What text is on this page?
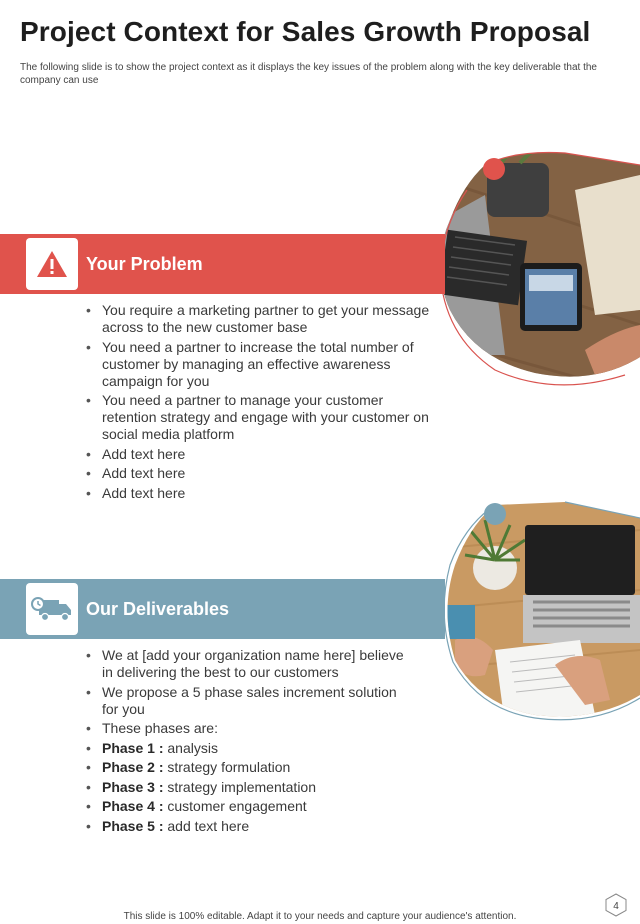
Project Context for Sales Growth Proposal
The following slide is to show the project context as it displays the key issues of the problem along with the key deliverable that the company can use
Your Problem
• You require a marketing partner to get your message across to the new customer base
• You need a partner to increase the total number of customer by managing an effective awareness campaign for you
• You need a partner to manage your customer retention strategy and engage with your customer on social media platform
• Add text here
• Add text here
• Add text here
Our Deliverables
• We at [add your organization name here] believe in delivering the best to our customers
• We propose a 5 phase sales increment solution for you
• These phases are:
• Phase 1 : analysis
• Phase 2 : strategy formulation
• Phase 3 : strategy implementation
• Phase 4 : customer engagement
• Phase 5 : add text here
4
This slide is 100% editable. Adapt it to your needs and capture your audience's attention.
